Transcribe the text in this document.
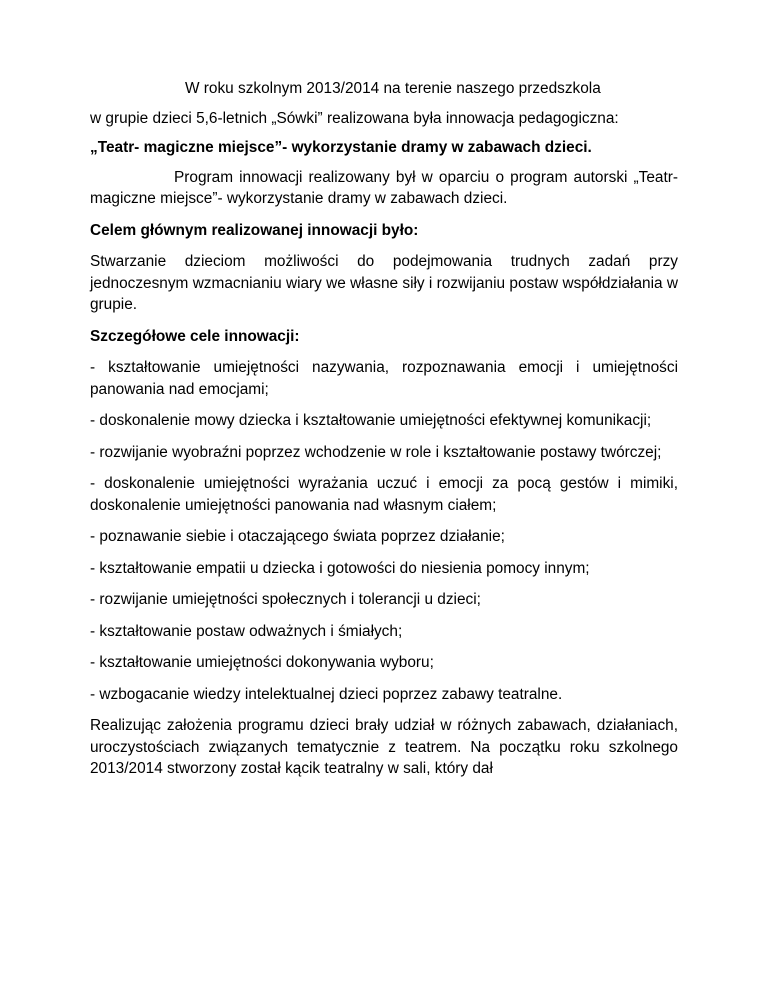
W roku szkolnym 2013/2014 na terenie naszego przedszkola

w grupie dzieci 5,6-letnich „Sówki” realizowana była innowacja pedagogiczna:

„Teatr- magiczne miejsce”- wykorzystanie dramy w zabawach dzieci.

Program innowacji realizowany był w oparciu o program autorski „Teatr- magiczne miejsce”- wykorzystanie dramy w zabawach dzieci.

Celem głównym realizowanej innowacji było:

Stwarzanie dzieciom możliwości do podejmowania trudnych zadań przy jednoczesnym wzmacnianiu wiary we własne siły i rozwijaniu postaw współdziałania w grupie.

Szczegółowe cele innowacji:

- kształtowanie umiejętności nazywania, rozpoznawania emocji i umiejętności panowania nad emocjami;

- doskonalenie mowy dziecka i kształtowanie umiejętności efektywnej komunikacji;

- rozwijanie wyobraźni poprzez wchodzenie w role i kształtowanie postawy twórczej;

- doskonalenie umiejętności wyrażania uczuć i emocji za pocą gestów i mimiki, doskonalenie umiejętności panowania nad własnym ciałem;

- poznawanie siebie i otaczającego świata poprzez działanie;

- kształtowanie empatii u dziecka i gotowości do niesienia pomocy innym;

- rozwijanie umiejętności społecznych i tolerancji u dzieci;

- kształtowanie postaw odważnych i śmiałych;

- kształtowanie umiejętności dokonywania wyboru;

- wzbogacanie wiedzy intelektualnej dzieci poprzez zabawy teatralne.

Realizując założenia programu dzieci brały udział w różnych zabawach, działaniach, uroczystościach związanych tematycznie z teatrem. Na początku roku szkolnego 2013/2014 stworzony został kącik teatralny w sali, który dał
